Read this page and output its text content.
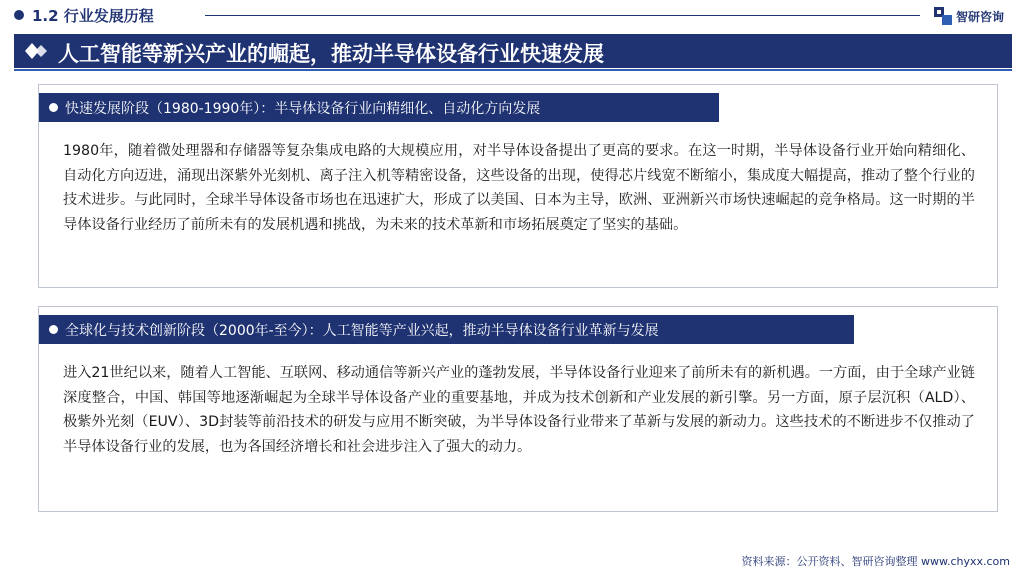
1.2 行业发展历程	智研咨询
人工智能等新兴产业的崛起，推动半导体设备行业快速发展
快速发展阶段（1980-1990年）：半导体设备行业向精细化、自动化方向发展
1980年，随着微处理器和存储器等复杂集成电路的大规模应用，对半导体设备提出了更高的要求。在这一时期，半导体设备行业开始向精细化、自动化方向迈进，涌现出深紫外光刻机、离子注入机等精密设备，这些设备的出现，使得芯片线宽不断缩小，集成度大幅提高，推动了整个行业的技术进步。与此同时，全球半导体设备市场也在迅速扩大，形成了以美国、日本为主导，欧洲、亚洲新兴市场快速崛起的竞争格局。这一时期的半导体设备行业经历了前所未有的发展机遇和挑战，为未来的技术革新和市场拓展奠定了坚实的基础。
全球化与技术创新阶段（2000年-至今）：人工智能等产业兴起，推动半导体设备行业革新与发展
进入21世纪以来，随着人工智能、互联网、移动通信等新兴产业的蓬勃发展，半导体设备行业迎来了前所未有的新机遇。一方面，由于全球产业链深度整合，中国、韩国等地逐渐崛起为全球半导体设备产业的重要基地，并成为技术创新和产业发展的新引擎。另一方面，原子层沉积（ALD）、极紫外光刻（EUV）、3D封装等前沿技术的研发与应用不断突破，为半导体设备行业带来了革新与发展的新动力。这些技术的不断进步不仅推动了半导体设备行业的发展，也为各国经济增长和社会进步注入了强大的动力。
资料来源：公开资料、智研咨询整理 www.chyxx.com
